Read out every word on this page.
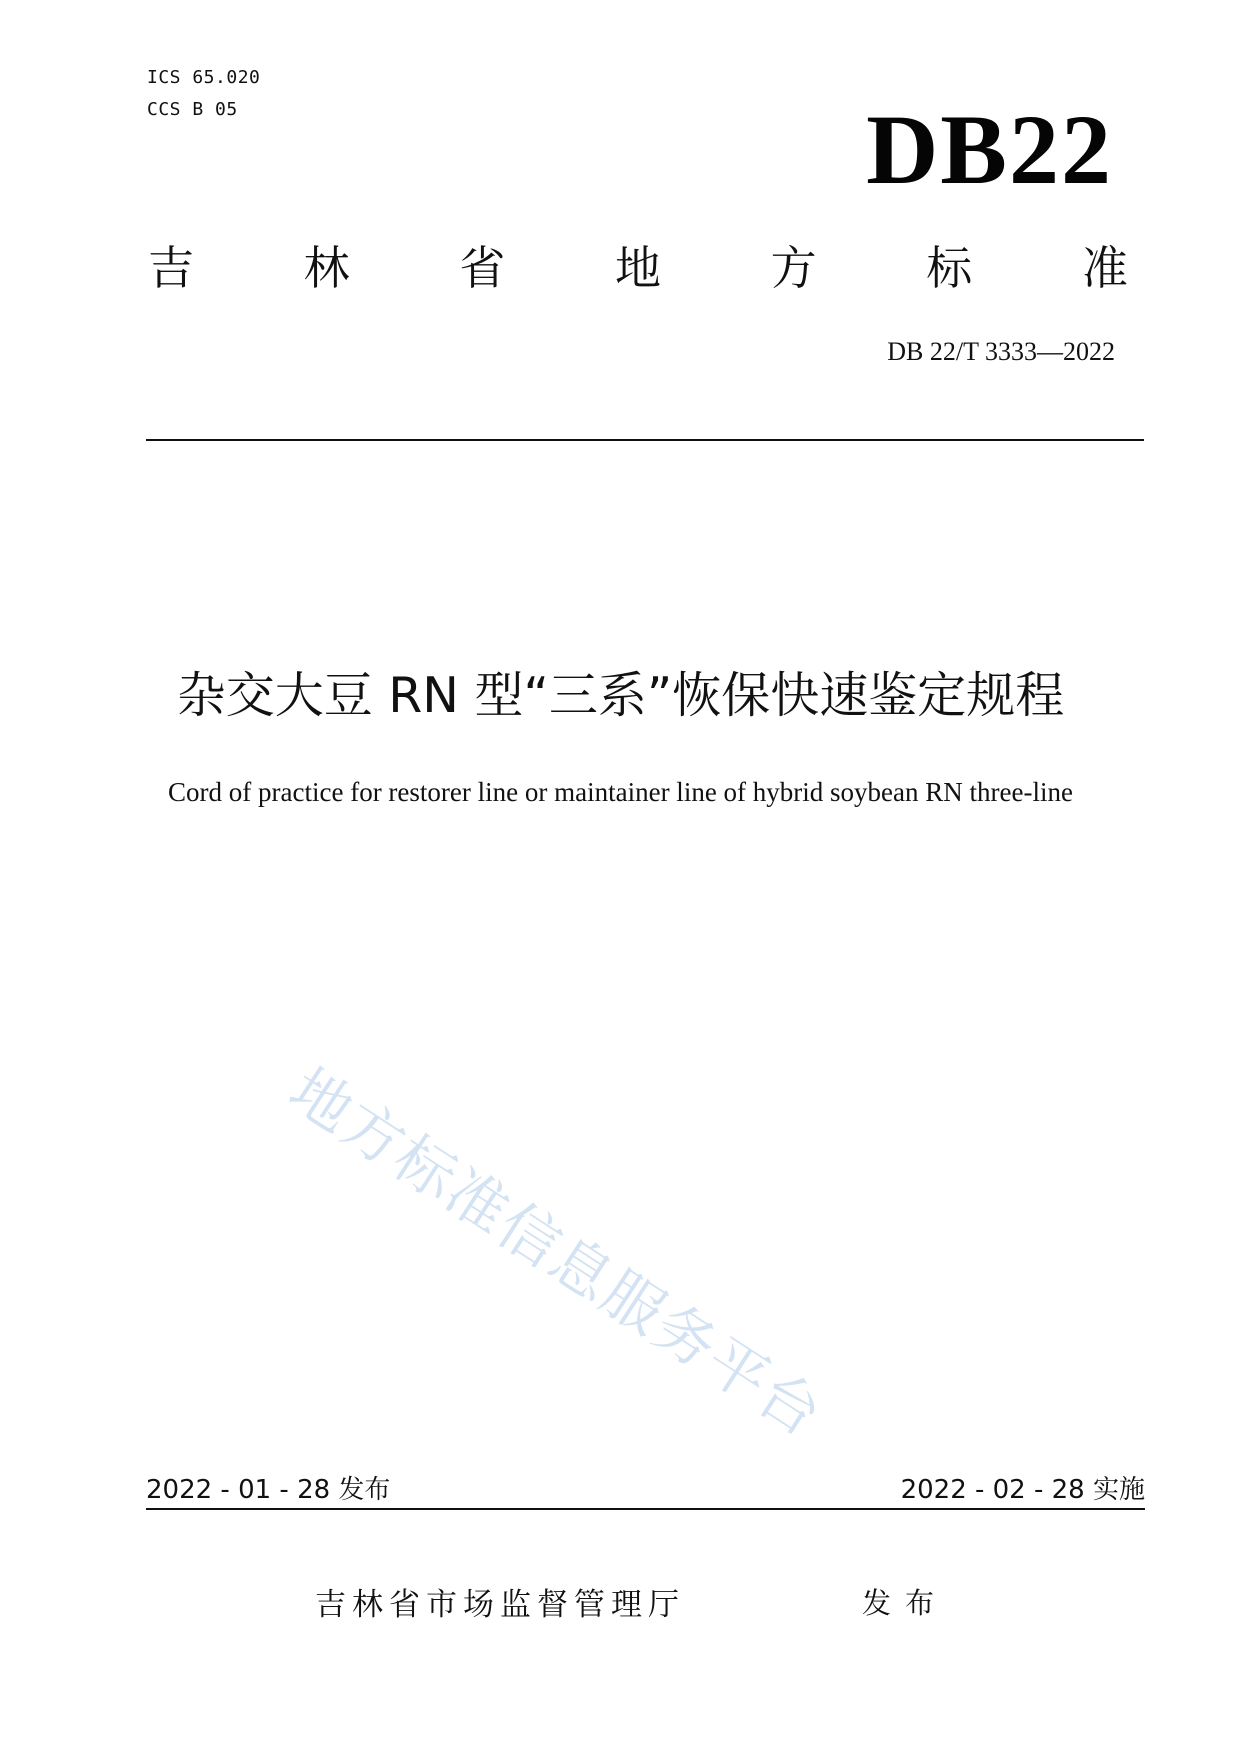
ICS 65.020
CCS B 05	DB22
吉 林 省 地 方 标 准
DB 22/T 3333—2022
杂交大豆 RN 型“三系”恢保快速鉴定规程
Cord of practice for restorer line or maintainer line of hybrid soybean RN three-line
地方标准信息服务平台
2022 - 01 - 28 发布	2022 - 02 - 28 实施
吉林省市场监督管理厅	发布
